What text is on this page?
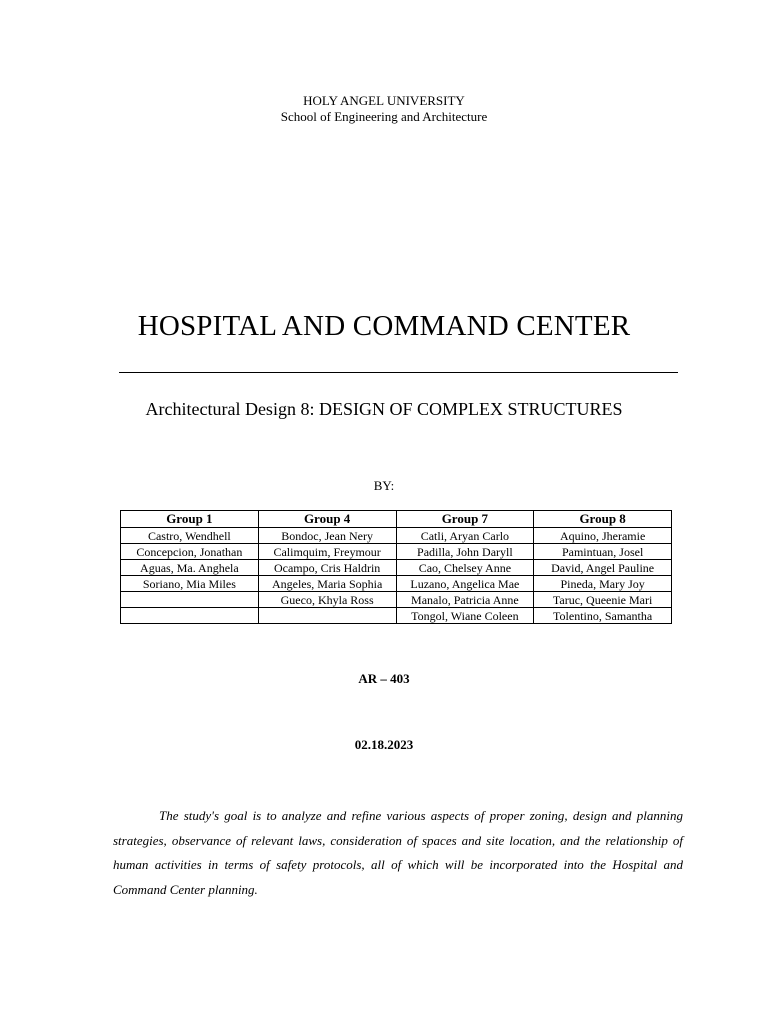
HOLY ANGEL UNIVERSITY
School of Engineering and Architecture
HOSPITAL AND COMMAND CENTER
Architectural Design 8: DESIGN OF COMPLEX STRUCTURES
BY:
Group 1	Group 4	Group 7	Group 8
Castro, Wendhell	Bondoc, Jean Nery	Catli, Aryan Carlo	Aquino, Jheramie
Concepcion, Jonathan	Calimquim, Freymour	Padilla, John Daryll	Pamintuan, Josel
Aguas, Ma. Anghela	Ocampo, Cris Haldrin	Cao, Chelsey Anne	David, Angel Pauline
Soriano, Mia Miles	Angeles, Maria Sophia	Luzano, Angelica Mae	Pineda, Mary Joy
	Gueco, Khyla Ross	Manalo, Patricia Anne	Taruc, Queenie Mari
		Tongol, Wiane Coleen	Tolentino, Samantha
AR – 403
02.18.2023

The study's goal is to analyze and refine various aspects of proper zoning, design and planning strategies, observance of relevant laws, consideration of spaces and site location, and the relationship of human activities in terms of safety protocols, all of which will be incorporated into the Hospital and Command Center planning.
